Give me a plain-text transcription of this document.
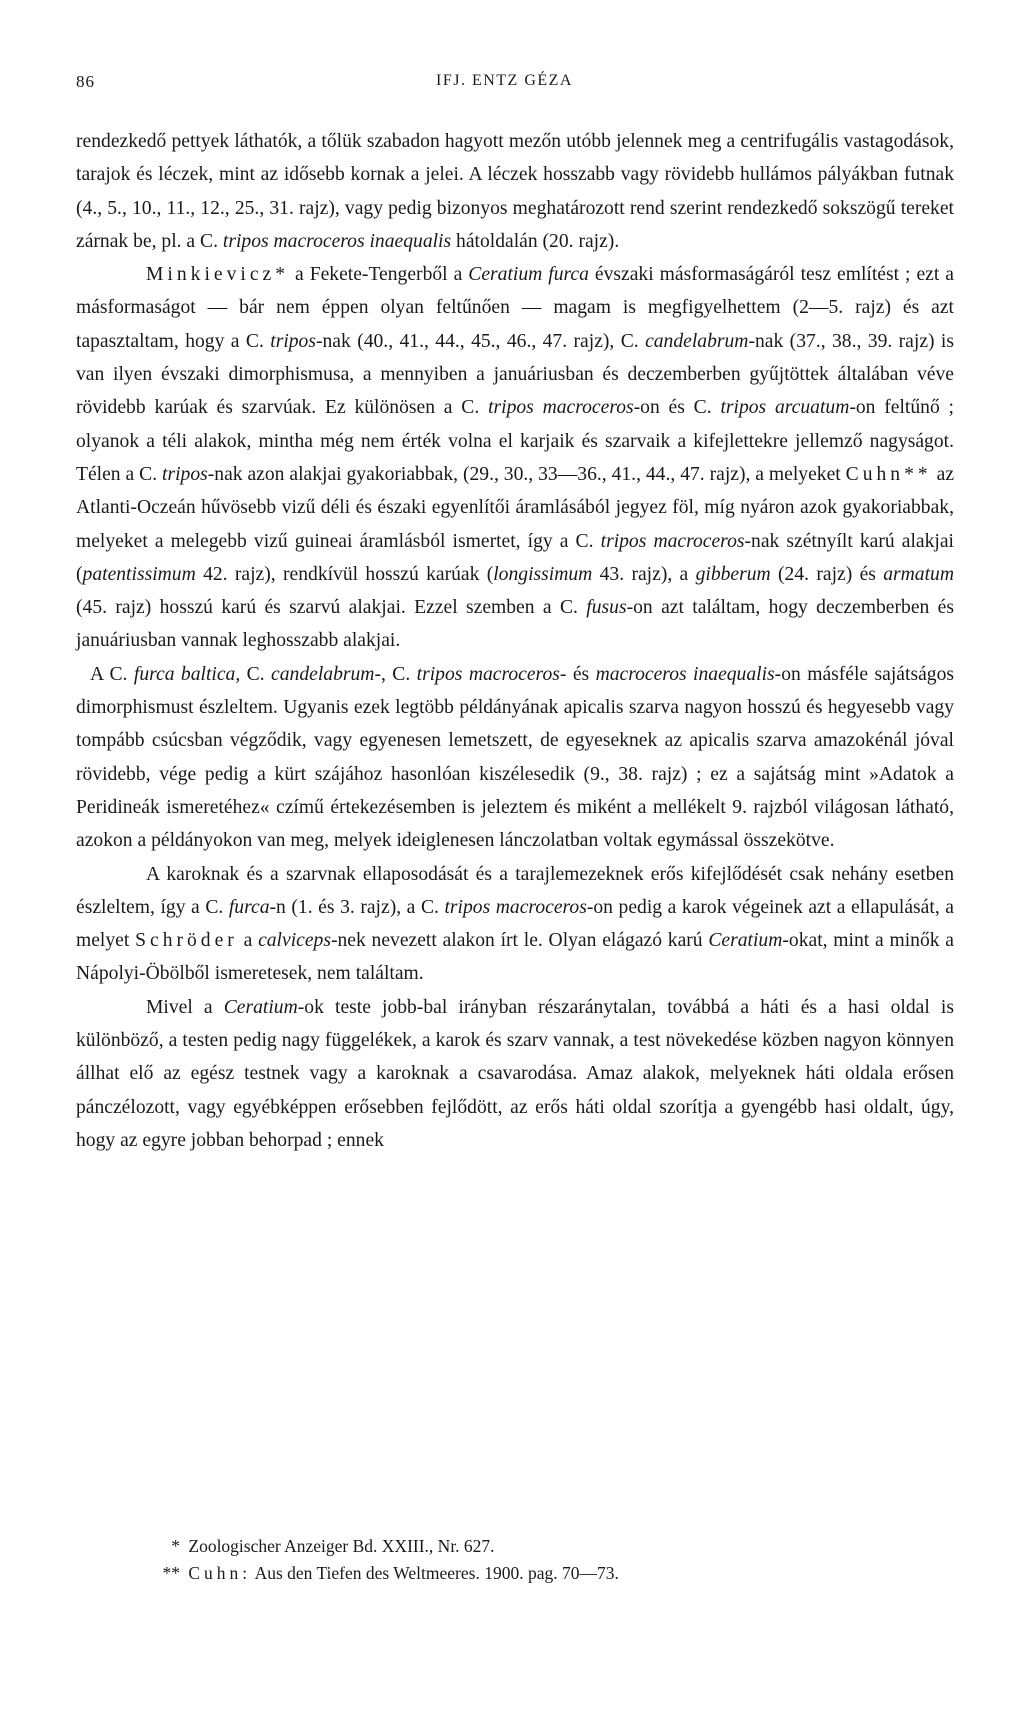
86	IFJ. ENTZ GÉZA

rendezkedő pettyek láthatók, a tőlük szabadon hagyott mezőn utóbb jelennek meg a centrifugális vastagodások, tarajok és léczek, mint az idősebb kornak a jelei. A léczek hosszabb vagy rövidebb hullámos pályákban futnak (4., 5., 10., 11., 12., 25., 31. rajz), vagy pedig bizonyos meghatározott rend szerint rendezkedő sokszögű tereket zárnak be, pl. a C. tripos macroceros inaequalis hátoldalán (20. rajz).

Minkievicz* a Fekete-Tengerből a Ceratium furca évszaki másformaságáról tesz említést ; ezt a másformaságot — bár nem éppen olyan feltűnően — magam is megfigyelhettem (2—5. rajz) és azt tapasztaltam, hogy a C. tripos-nak (40., 41., 44., 45., 46., 47. rajz), C. candelabrum-nak (37., 38., 39. rajz) is van ilyen évszaki dimorphismusa, a mennyiben a januáriusban és deczemberben gyűjtöttek általában véve rövidebb karúak és szarvúak. Ez különösen a C. tripos macroceros-on és C. tripos arcuatum-on feltűnő ; olyanok a téli alakok, mintha még nem érték volna el karjaik és szarvaik a kifejlettekre jellemző nagyságot. Télen a C. tripos-nak azon alakjai gyakoriabbak, (29., 30., 33—36., 41., 44., 47. rajz), a melyeket Cuhn** az Atlanti-Oczeán hűvösebb vizű déli és északi egyenlítői áramlásából jegyez föl, míg nyáron azok gyakoriabbak, melyeket a melegebb vizű guineai áramlásból ismertet, így a C. tripos macroceros-nak szétnyílt karú alakjai (patentissimum 42. rajz), rendkívül hosszú karúak (longissimum 43. rajz), a gibberum (24. rajz) és armatum (45. rajz) hosszú karú és szarvú alakjai. Ezzel szemben a C. fusus-on azt találtam, hogy deczemberben és januáriusban vannak leghosszabb alakjai.

A C. furca baltica, C. candelabrum-, C. tripos macroceros- és macroceros inaequalis-on másféle sajátságos dimorphismust észleltem. Ugyanis ezek legtöbb példányának apicalis szarva nagyon hosszú és hegyesebb vagy tompább csúcsban végződik, vagy egyenesen lemetszett, de egyeseknek az apicalis szarva amazokénál jóval rövidebb, vége pedig a kürt szájához hasonlóan kiszélesedik (9., 38. rajz) ; ez a sajátság mint »Adatok a Peridineák ismeretéhez« czímű értekezésemben is jeleztem és miként a mellékelt 9. rajzból világosan látható, azokon a példányokon van meg, melyek ideiglenesen lánczolatban voltak egymással összekötve.

A karoknak és a szarvnak ellaposodását és a tarajlemezeknek erős kifejlődését csak nehány esetben észleltem, így a C. furca-n (1. és 3. rajz), a C. tripos macroceros-on pedig a karok végeinek azt a ellapulását, a melyet Schröder a calviceps-nek nevezett alakon írt le. Olyan elágazó karú Ceratium-okat, mint a minők a Nápolyi-Öbölből ismeretesek, nem találtam.

Mivel a Ceratium-ok teste jobb-bal irányban részaránytalan, továbbá a háti és a hasi oldal is különböző, a testen pedig nagy függelékek, a karok és szarv vannak, a test növekedése közben nagyon könnyen állhat elő az egész testnek vagy a karoknak a csavarodása. Amaz alakok, melyeknek háti oldala erősen pánczélozott, vagy egyébképpen erősebben fejlődött, az erős háti oldal szorítja a gyengébb hasi oldalt, úgy, hogy az egyre jobban behorpad ; ennek

* Zoologischer Anzeiger Bd. XXIII., Nr. 627.

** Cuhn: Aus den Tiefen des Weltmeeres. 1900. pag. 70—73.
